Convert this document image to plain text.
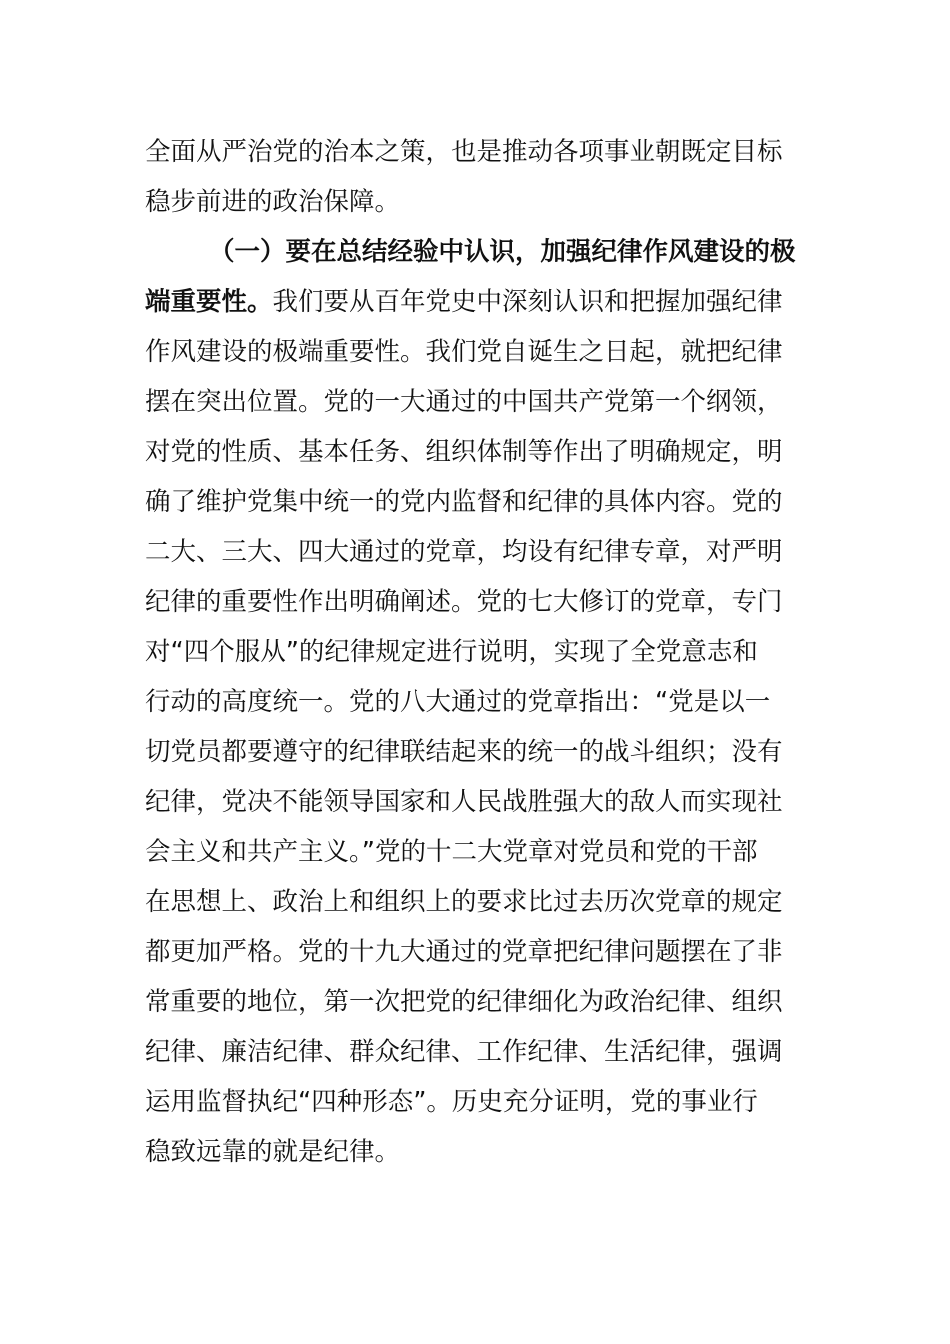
全面从严治党的治本之策，也是推动各项事业朝既定目标
稳步前进的政治保障。
（一）要在总结经验中认识，加强纪律作风建设的极
端重要性。我们要从百年党史中深刻认识和把握加强纪律
作风建设的极端重要性。我们党自诞生之日起，就把纪律
摆在突出位置。党的一大通过的中国共产党第一个纲领，
对党的性质、基本任务、组织体制等作出了明确规定，明
确了维护党集中统一的党内监督和纪律的具体内容。党的
二大、三大、四大通过的党章，均设有纪律专章，对严明
纪律的重要性作出明确阐述。党的七大修订的党章，专门
对“四个服从”的纪律规定进行说明，实现了全党意志和
行动的高度统一。党的八大通过的党章指出：“党是以一
切党员都要遵守的纪律联结起来的统一的战斗组织；没有
纪律，党决不能领导国家和人民战胜强大的敌人而实现社
会主义和共产主义。”党的十二大党章对党员和党的干部
在思想上、政治上和组织上的要求比过去历次党章的规定
都更加严格。党的十九大通过的党章把纪律问题摆在了非
常重要的地位，第一次把党的纪律细化为政治纪律、组织
纪律、廉洁纪律、群众纪律、工作纪律、生活纪律，强调
运用监督执纪“四种形态”。历史充分证明，党的事业行
稳致远靠的就是纪律。
